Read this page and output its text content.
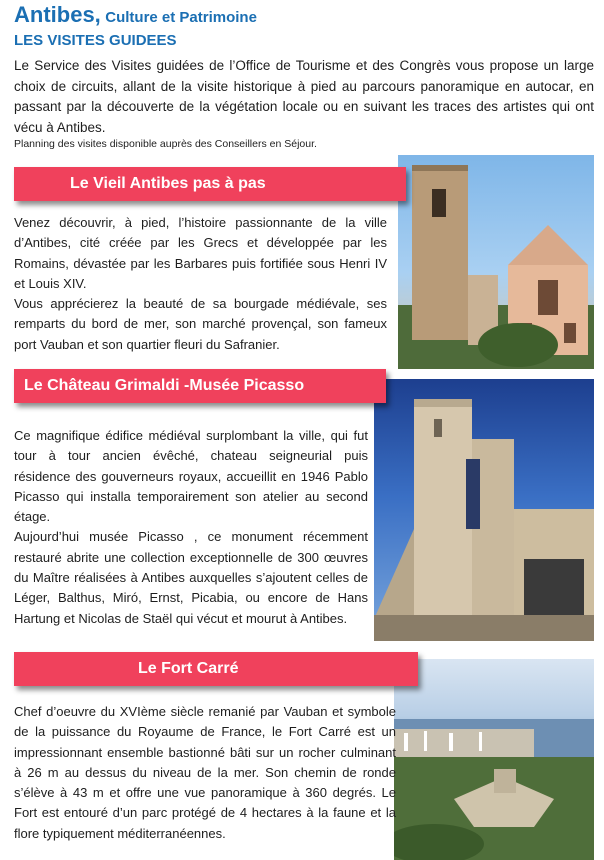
Antibes, Culture et Patrimoine
LES VISITES GUIDEES
Le Service des Visites guidées de l’Office de Tourisme et des Congrès vous propose un large choix de circuits, allant de la visite historique à pied au parcours panoramique en autocar, en passant par la découverte de la végétation locale ou en suivant les traces des artistes qui ont vécu à Antibes.
Planning des visites disponible auprès des Conseillers en Séjour.
Le Vieil Antibes pas à pas

Venez découvrir, à pied, l’histoire passionnante de la ville d’Antibes, cité créée par les Grecs et développée par les Romains, dévastée par les Barbares puis fortifiée sous Henri IV et Louis XIV.

Vous apprécierez la beauté de sa bourgade médiévale, ses remparts du bord de mer, son marché provençal, son fameux port Vauban et son quartier fleuri du Safranier.

Le Château Grimaldi -Musée Picasso

Ce magnifique édifice médiéval surplombant la ville, qui fut tour à tour ancien évêché, chateau seigneurial puis résidence des gouverneurs royaux, accueillit en 1946 Pablo Picasso qui installa temporairement son atelier au second étage.

Aujourd’hui musée Picasso , ce monument récemment restauré abrite une collection exceptionnelle de 300 œuvres du Maître réalisées à Antibes auxquelles s’ajoutent celles de Léger, Balthus, Miró, Ernst, Picabia, ou encore de Hans Hartung et Nicolas de Staël qui vécut et mourut à Antibes.

Le Fort Carré

Chef d’oeuvre du XVIème siècle remanié par Vauban et symbole de la puissance du Royaume de France, le Fort Carré est un impressionnant ensemble bastionné bâti sur un rocher culminant à 26 m au dessus du niveau de la mer. Son chemin de ronde s’élève à 43 m et offre une vue panoramique à 360 degrés. Le Fort est entouré d’un parc protégé de 4 hectares à la faune et la flore typiquement méditerranéennes.
